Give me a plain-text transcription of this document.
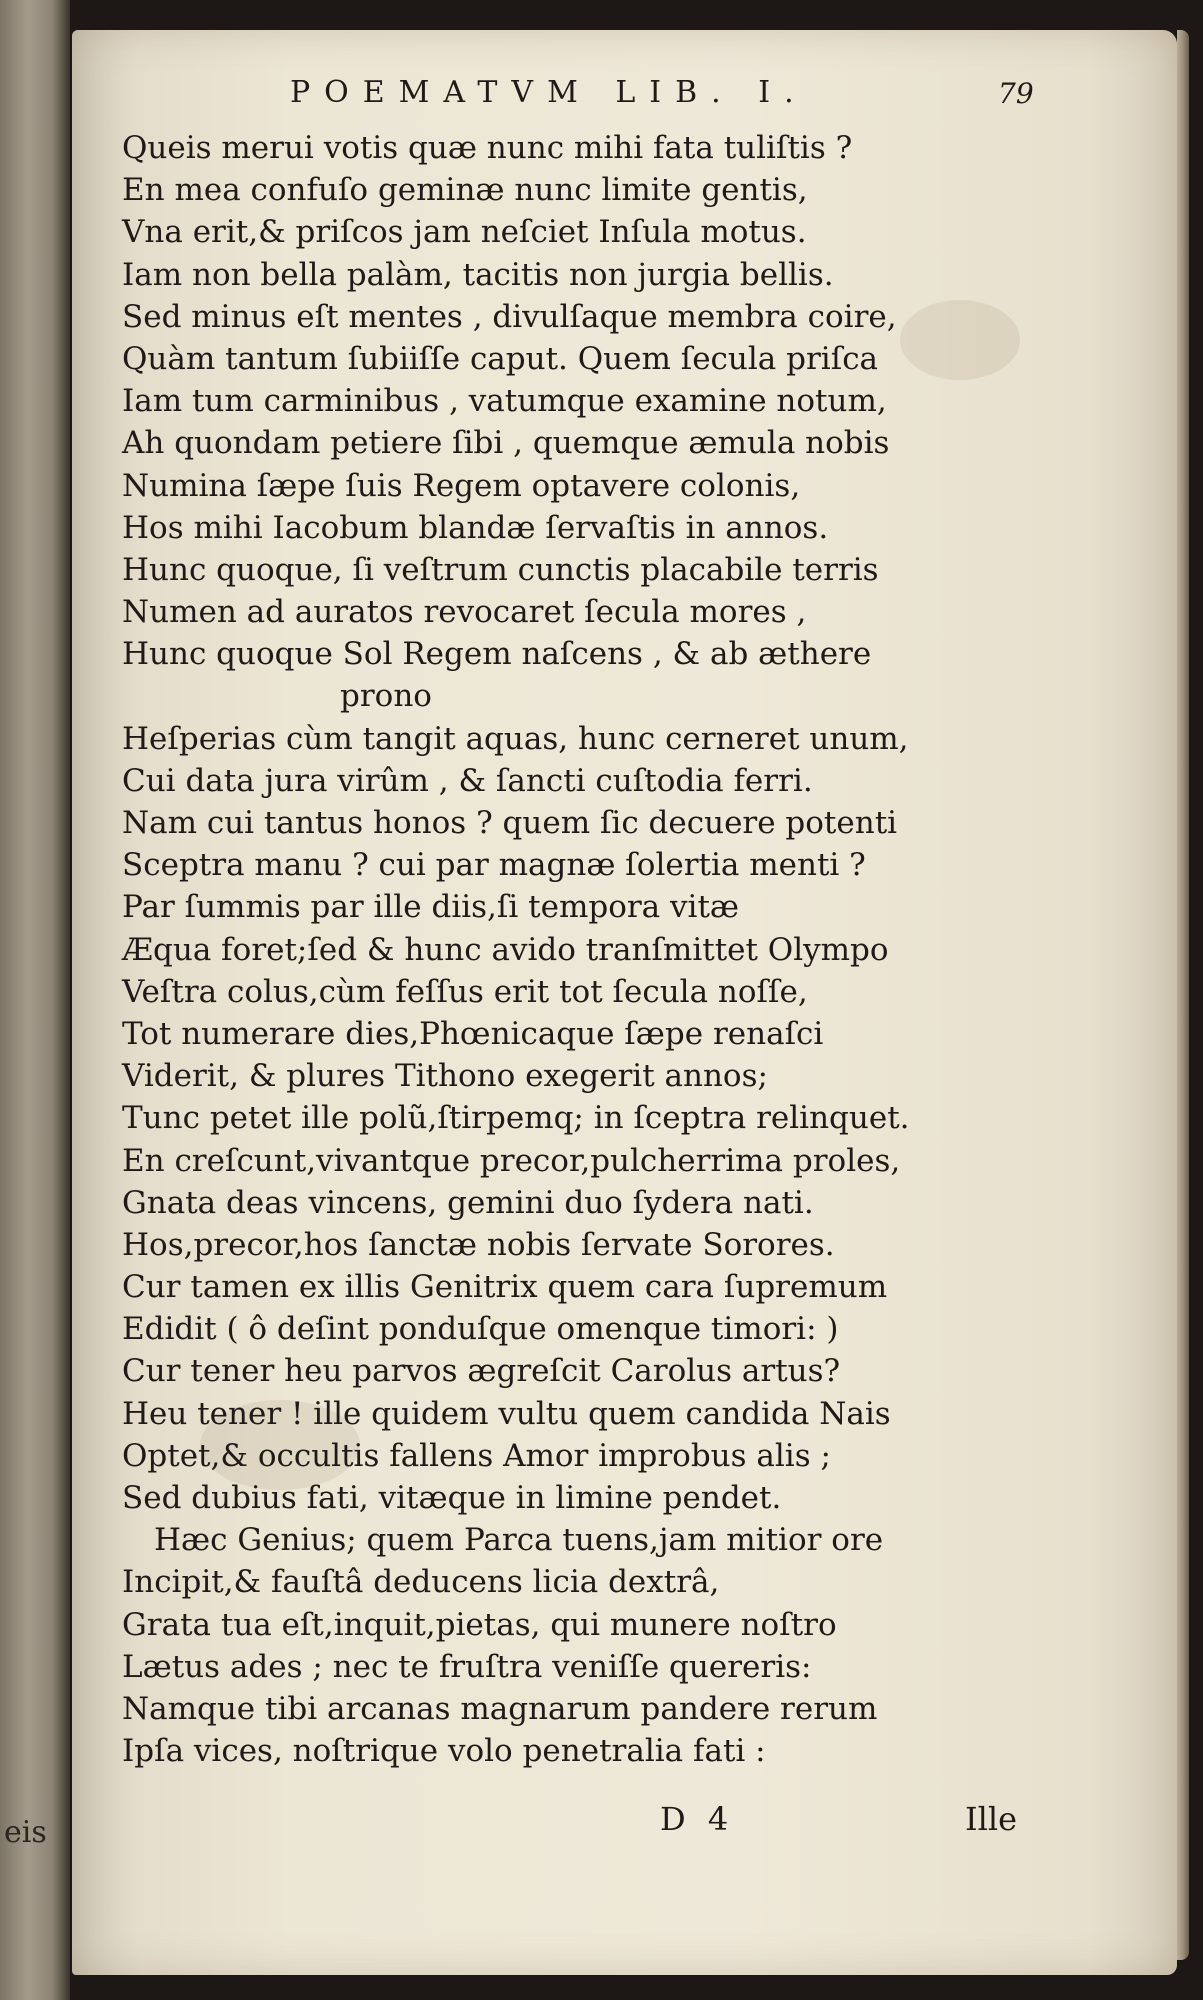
eis
POEMATVM LIB. I.	79
Queis merui votis quæ nunc mihi fata tuliſtis ?
En mea confuſo geminæ nunc limite gentis,
Vna erit,& priſcos jam neſciet Inſula motus.
Iam non bella palàm, tacitis non jurgia bellis.
Sed minus eſt mentes , divulſaque membra coire,
Quàm tantum ſubiiſſe caput. Quem ſecula priſca
Iam tum carminibus , vatumque examine notum,
Ah quondam petiere ſibi , quemque æmula nobis
Numina ſæpe ſuis Regem optavere colonis,
Hos mihi Iacobum blandæ ſervaſtis in annos.
Hunc quoque, ſi veſtrum cunctis placabile terris
Numen ad auratos revocaret ſecula mores ,
Hunc quoque Sol Regem naſcens , & ab æthere
prono
Heſperias cùm tangit aquas, hunc cerneret unum,
Cui data jura virûm , & ſancti cuſtodia ferri.
Nam cui tantus honos ? quem ſic decuere potenti
Sceptra manu ? cui par magnæ ſolertia menti ?
Par ſummis par ille diis,ſi tempora vitæ
Æqua foret;ſed & hunc avido tranſmittet Olympo
Veſtra colus,cùm feſſus erit tot ſecula noſſe,
Tot numerare dies,Phœnicaque ſæpe renaſci
Viderit, & plures Tithono exegerit annos;
Tunc petet ille polũ,ſtirpemq; in ſceptra relinquet.
En creſcunt,vivantque precor,pulcherrima proles,
Gnata deas vincens, gemini duo ſydera nati.
Hos,precor,hos ſanctæ nobis ſervate Sorores.
Cur tamen ex illis Genitrix quem cara ſupremum
Edidit ( ô deſint ponduſque omenque timori: )
Cur tener heu parvos ægreſcit Carolus artus?
Heu tener ! ille quidem vultu quem candida Nais
Optet,& occultis fallens Amor improbus alis ;
Sed dubius fati, vitæque in limine pendet.
Hæc Genius; quem Parca tuens,jam mitior ore
Incipit,& fauſtâ deducens licia dextrâ,
Grata tua eſt,inquit,pietas, qui munere noſtro
Lætus ades ; nec te fruſtra veniſſe quereris:
Namque tibi arcanas magnarum pandere rerum
Ipſa vices, noſtrique volo penetralia fati :
D 4	Ille
